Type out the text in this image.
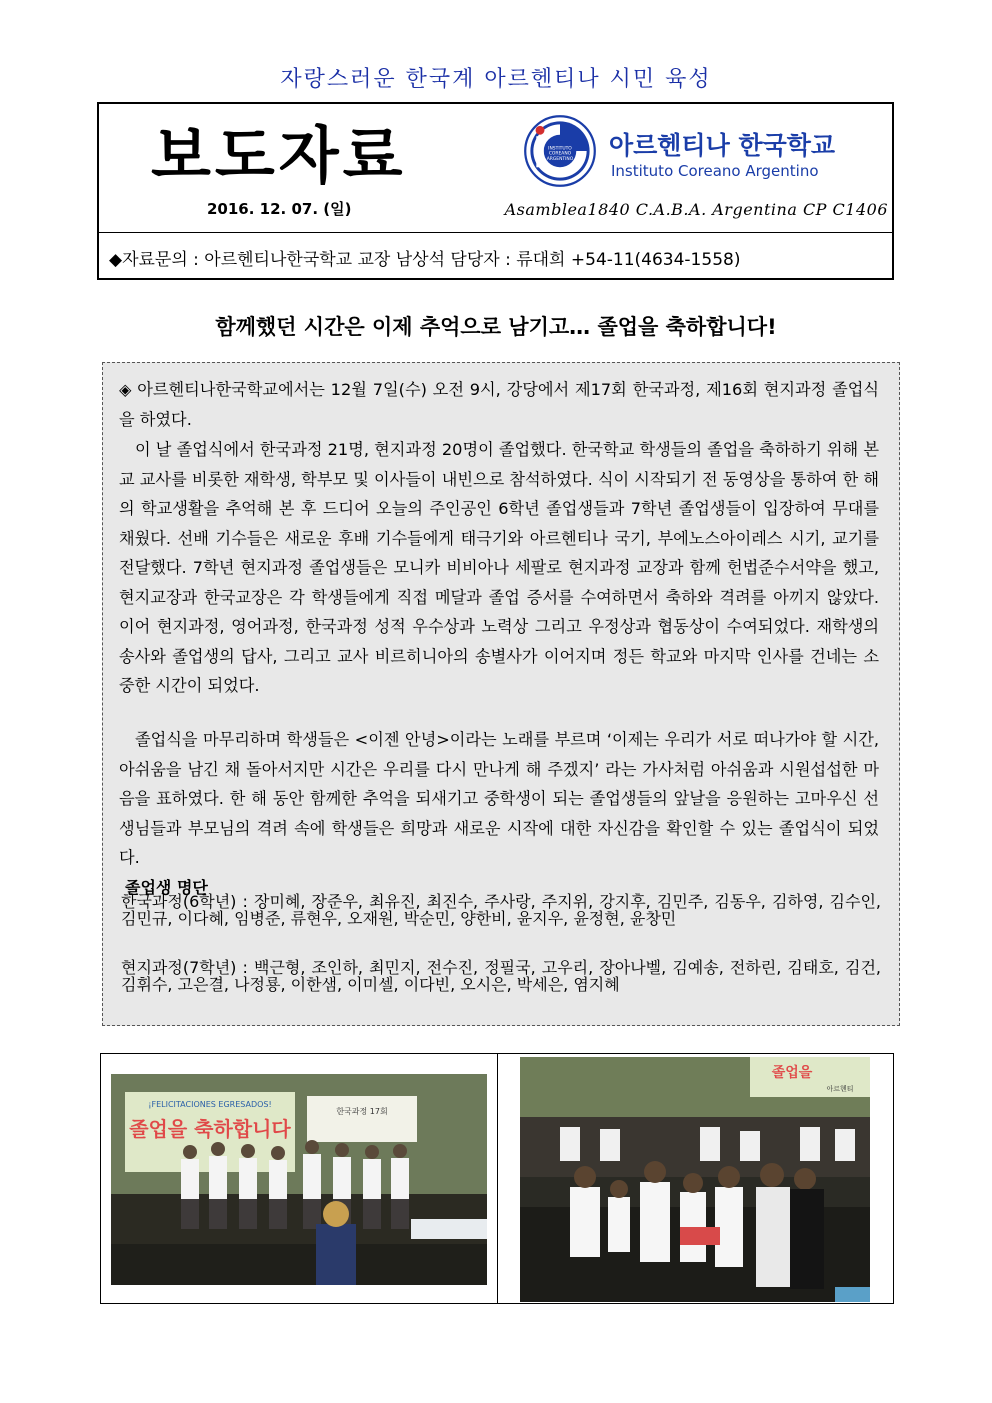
자랑스러운 한국계 아르헨티나 시민 육성
보도자료
2016. 12. 07. (일)
INSTITUTO
COREANO
ARGENTINO 아르헨티나 한국학교
Instituto Coreano Argentino
Asamblea1840 C.A.B.A. Argentina CP C1406
◆자료문의 : 아르헨티나한국학교 교장 남상석 담당자 : 류대희 +54-11(4634-1558)
함께했던 시간은 이제 추억으로 남기고… 졸업을 축하합니다!

◈ 아르헨티나한국학교에서는 12월 7일(수) 오전 9시, 강당에서 제17회 한국과정, 제16회 현지과정 졸업식을 하였다.

이 날 졸업식에서 한국과정 21명, 현지과정 20명이 졸업했다. 한국학교 학생들의 졸업을 축하하기 위해 본교 교사를 비롯한 재학생, 학부모 및 이사들이 내빈으로 참석하였다. 식이 시작되기 전 동영상을 통하여 한 해의 학교생활을 추억해 본 후 드디어 오늘의 주인공인 6학년 졸업생들과 7학년 졸업생들이 입장하여 무대를 채웠다. 선배 기수들은 새로운 후배 기수들에게 태극기와 아르헨티나 국기, 부에노스아이레스 시기, 교기를 전달했다. 7학년 현지과정 졸업생들은 모니카 비비아나 세팔로 현지과정 교장과 함께 헌법준수서약을 했고, 현지교장과 한국교장은 각 학생들에게 직접 메달과 졸업 증서를 수여하면서 축하와 격려를 아끼지 않았다. 이어 현지과정, 영어과정, 한국과정 성적 우수상과 노력상 그리고 우정상과 협동상이 수여되었다. 재학생의 송사와 졸업생의 답사, 그리고 교사 비르히니아의 송별사가 이어지며 정든 학교와 마지막 인사를 건네는 소중한 시간이 되었다.

졸업식을 마무리하며 학생들은 <이젠 안녕>이라는 노래를 부르며 ‘이제는 우리가 서로 떠나가야 할 시간, 아쉬움을 남긴 채 돌아서지만 시간은 우리를 다시 만나게 해 주겠지’ 라는 가사처럼 아쉬움과 시원섭섭한 마음을 표하였다. 한 해 동안 함께한 추억을 되새기고 중학생이 되는 졸업생들의 앞날을 응원하는 고마우신 선생님들과 부모님의 격려 속에 학생들은 희망과 새로운 시작에 대한 자신감을 확인할 수 있는 졸업식이 되었다.

졸업생 명단
한국과정(6학년) : 장미혜, 장준우, 최유진, 최진수, 주사랑, 주지위, 강지후, 김민주, 김동우, 김하영, 김수인, 김민규, 이다혜, 임병준, 류현우, 오재원, 박순민, 양한비, 윤지우, 윤정현, 윤창민
현지과정(7학년) : 백근형, 조인하, 최민지, 전수진, 정필국, 고우리, 장아나벨, 김예송, 전하린, 김태호, 김건, 김휘수, 고은결, 나정룡, 이한샘, 이미셀, 이다빈, 오시은, 박세은, 염지혜
¡FELICITACIONES EGRESADOS!
졸업을 축하합니다
한국과정 17회
졸업을
아르헨티
